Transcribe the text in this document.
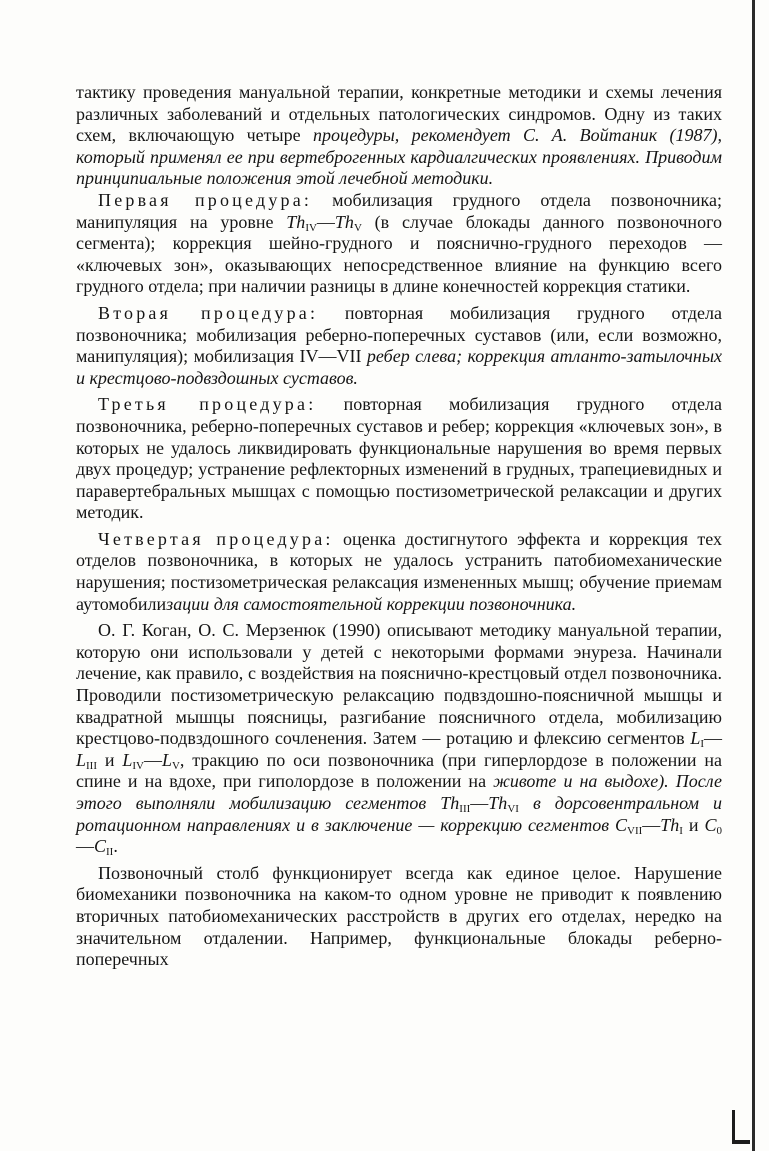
тактику проведения мануальной терапии, конкретные методики и схемы лечения различных заболеваний и отдельных патологических синдромов. Одну из таких схем, включающую четыре процедуры, рекомендует С. А. Войтаник (1987), который применял ее при вертеброгенных кардиалгических проявлениях. Приводим принципиальные положения этой лечебной методики.

Первая процедура: мобилизация грудного отдела позвоночника; манипуляция на уровне $Th_{IV}—Th_V$ (в случае блокады данного позвоночного сегмента); коррекция шейно-грудного и пояснично-грудного переходов — «ключевых зон», оказывающих непосредственное влияние на функцию всего грудного отдела; при наличии разницы в длине конечностей коррекция статики.

Вторая процедура: повторная мобилизация грудного отдела позвоночника; мобилизация реберно-поперечных суставов (или, если возможно, манипуляция); мобилизация IV—VII ребер слева; коррекция атланто-затылочных и крестцово-подвздошных суставов.

Третья процедура: повторная мобилизация грудного отдела позвоночника, реберно-поперечных суставов и ребер; коррекция «ключевых зон», в которых не удалось ликвидировать функциональные нарушения во время первых двух процедур; устранение рефлекторных изменений в грудных, трапециевидных и паравертебральных мышцах с помощью постизометрической релаксации и других методик.

Четвертая процедура: оценка достигнутого эффекта и коррекция тех отделов позвоночника, в которых не удалось устранить патобиомеханические нарушения; постизометрическая релаксация измененных мышц; обучение приемам аутомобилизации для самостоятельной коррекции позвоночника.

О. Г. Коган, О. С. Мерзенюк (1990) описывают методику мануальной терапии, которую они использовали у детей с некоторыми формами энуреза. Начинали лечение, как правило, с воздействия на пояснично-крестцовый отдел позвоночника. Проводили постизометрическую релаксацию подвздошно-поясничной мышцы и квадратной мышцы поясницы, разгибание поясничного отдела, мобилизацию крестцово-подвздошного сочленения. Затем — ротацию и флексию сегментов $L_I—L_{III}$ и $L_{IV}—L_V$, тракцию по оси позвоночника (при гиперлордозе в положении на спине и на вдохе, при гиполордозе в положении на животе и на выдохе). После этого выполняли мобилизацию сегментов $Th_{III}—Th_{VI}$ в дорсовентральном и ротационном направлениях и в заключение — коррекцию сегментов $C_{VII}—Th_I$ и $C_0—C_{II}$.

Позвоночный столб функционирует всегда как единое целое. Нарушение биомеханики позвоночника на каком-то одном уровне не приводит к появлению вторичных патобиомеханических расстройств в других его отделах, нередко на значительном отдалении. Например, функциональные блокады реберно-поперечных
